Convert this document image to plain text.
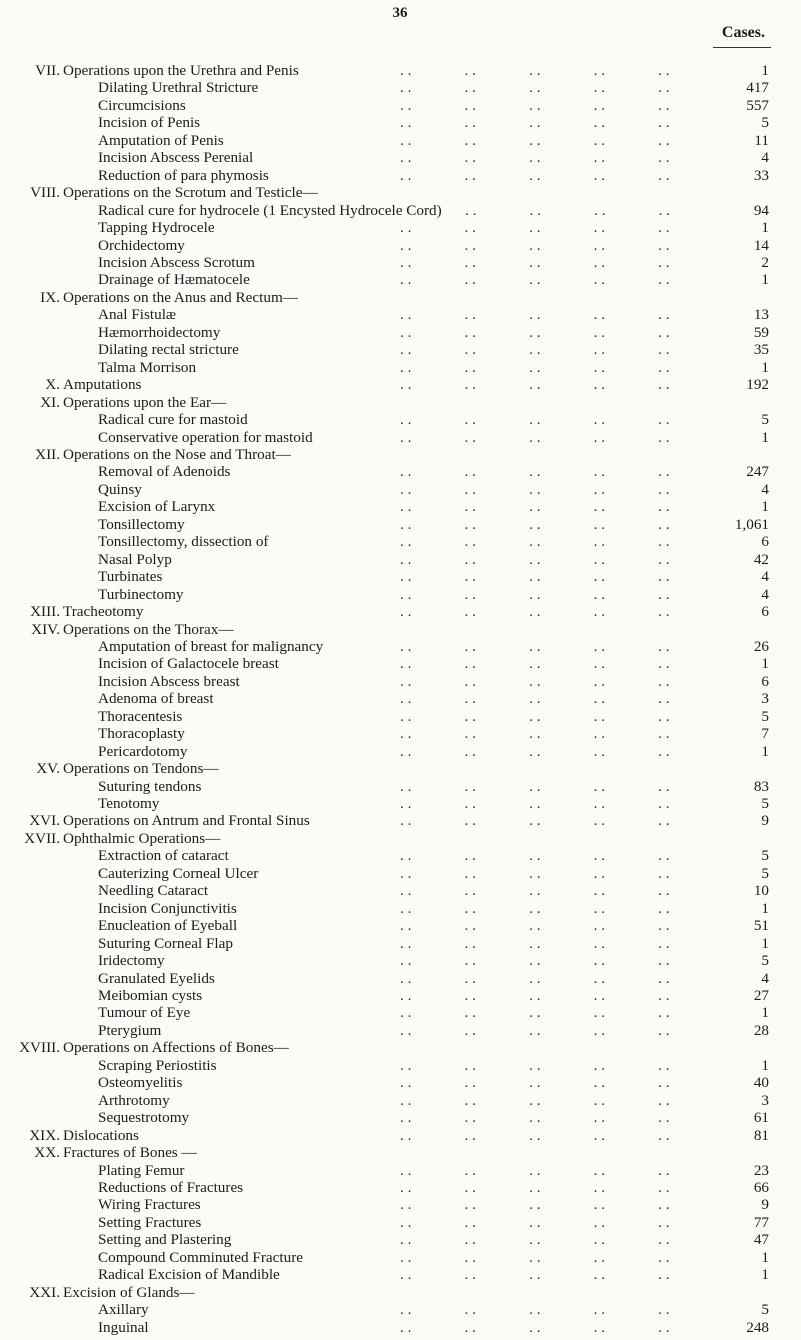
36
Cases.
VII. Operations upon the Urethra and Penis	. .    . .    . .    . .    . .	1
Dilating Urethral Stricture	. .    . .    . .    . .    . .	417
Circumcisions	. .    . .    . .    . .    . .	557
Incision of Penis	. .    . .    . .    . .    . .	5
Amputation of Penis	. .    . .    . .    . .    . .	11
Incision Abscess Perenial	. .    . .    . .    . .    . .	4
Reduction of para phymosis	. .    . .    . .    . .    . .	33
VIII. Operations on the Scrotum and Testicle—
Radical cure for hydrocele (1 Encysted Hydrocele Cord) . .    . .    . .    . .	94
Tapping Hydrocele	. .    . .    . .    . .    . .	1
Orchidectomy	. .    . .    . .    . .    . .	14
Incision Abscess Scrotum	. .    . .    . .    . .    . .	2
Drainage of Hæmatocele	. .    . .    . .    . .    . .	1
IX. Operations on the Anus and Rectum—
Anal Fistulæ	. .    . .    . .    . .    . .	13
Hæmorrhoidectomy	. .    . .    . .    . .    . .	59
Dilating rectal stricture	. .    . .    . .    . .    . .	35
Talma Morrison	. .    . .    . .    . .    . .	1
X. Amputations	. .    . .    . .    . .    . .	192
XI. Operations upon the Ear—
Radical cure for mastoid	. .    . .    . .    . .    . .	5
Conservative operation for mastoid	. .    . .    . .    . .    . .	1
XII. Operations on the Nose and Throat—
Removal of Adenoids	. .    . .    . .    . .    . .	247
Quinsy	. .    . .    . .    . .    . .	4
Excision of Larynx	. .    . .    . .    . .    . .	1
Tonsillectomy	. .    . .    . .    . .    . .	1,061
Tonsillectomy, dissection of	. .    . .    . .    . .    . .	6
Nasal Polyp	. .    . .    . .    . .    . .	42
Turbinates	. .    . .    . .    . .    . .	4
Turbinectomy	. .    . .    . .    . .    . .	4
XIII. Tracheotomy	. .    . .    . .    . .    . .	6
XIV. Operations on the Thorax—
Amputation of breast for malignancy	. .    . .    . .    . .    . .	26
Incision of Galactocele breast	. .    . .    . .    . .    . .	1
Incision Abscess breast	. .    . .    . .    . .    . .	6
Adenoma of breast	. .    . .    . .    . .    . .	3
Thoracentesis	. .    . .    . .    . .    . .	5
Thoracoplasty	. .    . .    . .    . .    . .	7
Pericardotomy	. .    . .    . .    . .    . .	1
XV. Operations on Tendons—
Suturing tendons	. .    . .    . .    . .    . .	83
Tenotomy	. .    . .    . .    . .    . .	5
XVI. Operations on Antrum and Frontal Sinus	. .    . .    . .    . .    . .	9
XVII. Ophthalmic Operations—
Extraction of cataract	. .    . .    . .    . .    . .	5
Cauterizing Corneal Ulcer	. .    . .    . .    . .    . .	5
Needling Cataract	. .    . .    . .    . .    . .	10
Incision Conjunctivitis	. .    . .    . .    . .    . .	1
Enucleation of Eyeball	. .    . .    . .    . .    . .	51
Suturing Corneal Flap	. .    . .    . .    . .    . .	1
Iridectomy	. .    . .    . .    . .    . .	5
Granulated Eyelids	. .    . .    . .    . .    . .	4
Meibomian cysts	. .    . .    . .    . .    . .	27
Tumour of Eye	. .    . .    . .    . .    . .	1
Pterygium	. .    . .    . .    . .    . .	28
XVIII. Operations on Affections of Bones—
Scraping Periostitis	. .    . .    . .    . .    . .	1
Osteomyelitis	. .    . .    . .    . .    . .	40
Arthrotomy	. .    . .    . .    . .    . .	3
Sequestrotomy	. .    . .    . .    . .    . .	61
XIX. Dislocations	. .    . .    . .    . .    . .	81
XX. Fractures of Bones —
Plating Femur	. .    . .    . .    . .    . .	23
Reductions of Fractures	. .    . .    . .    . .    . .	66
Wiring Fractures	. .    . .    . .    . .    . .	9
Setting Fractures	. .    . .    . .    . .    . .	77
Setting and Plastering	. .    . .    . .    . .    . .	47
Compound Comminuted Fracture	. .    . .    . .    . .    . .	1
Radical Excision of Mandible	. .    . .    . .    . .    . .	1
XXI. Excision of Glands—
Axillary	. .    . .    . .    . .    . .	5
Inguinal	. .    . .    . .    . .    . .	248
